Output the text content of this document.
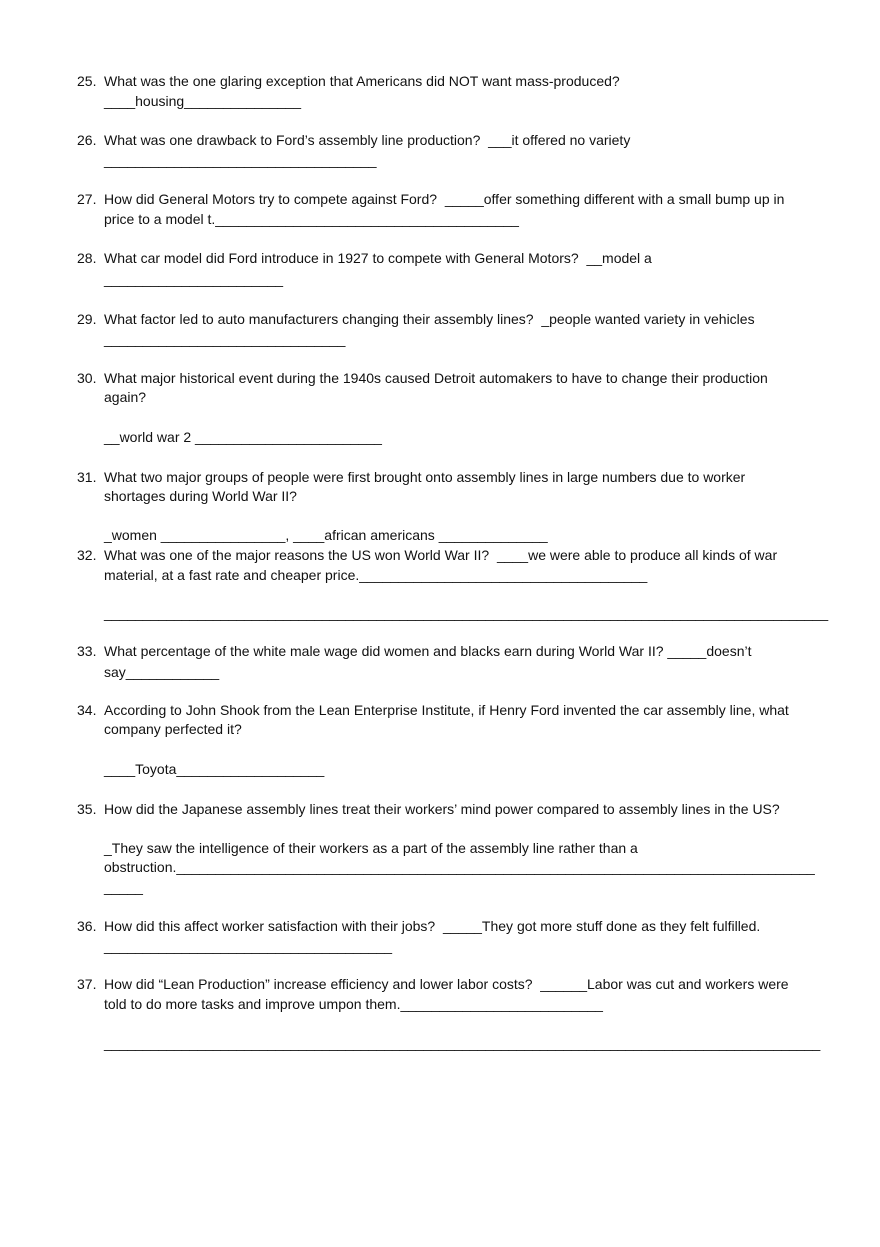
25. What was the one glaring exception that Americans did NOT want mass-produced?
____housing_______________
26. What was one drawback to Ford’s assembly line production?  ___it offered no variety
___________________________________
27. How did General Motors try to compete against Ford?  _____offer something different with a small bump up in
price to a model t._______________________________________
28. What car model did Ford introduce in 1927 to compete with General Motors?  __model a
_______________________
29. What factor led to auto manufacturers changing their assembly lines?  _people wanted variety in vehicles
_______________________________
30. What major historical event during the 1940s caused Detroit automakers to have to change their production
again?
__world war 2 ________________________
31. What two major groups of people were first brought onto assembly lines in large numbers due to worker
shortages during World War II?
_women ________________, ____african americans ______________
32. What was one of the major reasons the US won World War II?  ____we were able to produce all kinds of war
material, at a fast rate and cheaper price._____________________________________
_____________________________________________________________________________________________
33. What percentage of the white male wage did women and blacks earn during World War II? _____doesn’t
say____________
34. According to John Shook from the Lean Enterprise Institute, if Henry Ford invented the car assembly line, what
company perfected it?
____Toyota___________________
35. How did the Japanese assembly lines treat their workers’ mind power compared to assembly lines in the US?
_They saw the intelligence of their workers as a part of the assembly line rather than a
obstruction.__________________________________________________________________________________
_____
36. How did this affect worker satisfaction with their jobs?  _____They got more stuff done as they felt fulfilled.
_____________________________________
37. How did “Lean Production” increase efficiency and lower labor costs?  ______Labor was cut and workers were
told to do more tasks and improve umpon them.__________________________
____________________________________________________________________________________________
